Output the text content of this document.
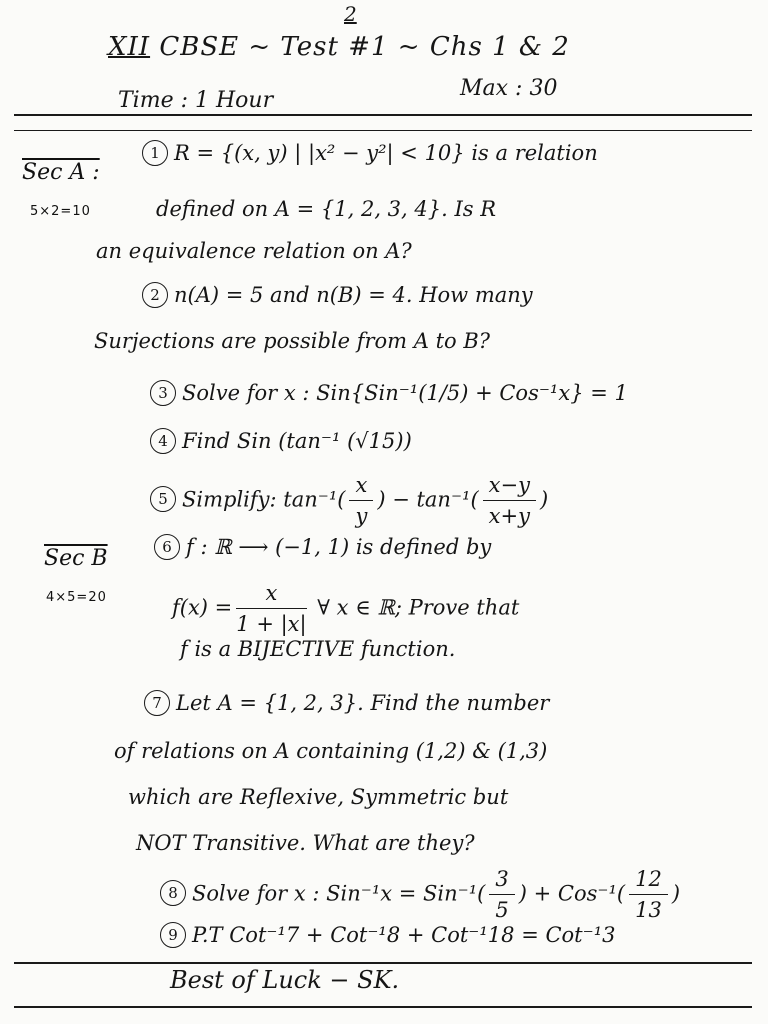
2
XII CBSE ~ Test #1 ~ Chs 1 & 2
Time : 1 Hour	Max : 30
Sec A :
5×2=10
1 R = {(x, y) | |x² − y²| < 10} is a relation
defined on A = {1, 2, 3, 4}. Is R
an equivalence relation on A?
2 n(A) = 5 and n(B) = 4. How many
Surjections are possible from A to B?
3 Solve for x : Sin{Sin⁻¹(1/5) + Cos⁻¹x} = 1
4 Find Sin (tan⁻¹ (√15))
5 Simplify: $\tan^{-1}( \frac{x}{y}$ ) − $\tan^{-1}( \frac{x-y}{x+y}$ )
Sec B
4×5=20
6 f : ℝ ⟶ (−1, 1) is defined by
$f(x) = \frac{x}{1 + |x|}$ ∀ x ∈ ℝ; Prove that
f is a BIJECTIVE function.
7 Let A = {1, 2, 3}. Find the number
of relations on A containing (1,2) & (1,3)
which are Reflexive, Symmetric but
NOT Transitive. What are they?
8 Solve for x : $Sin^{-1}x = Sin^{-1}( \frac{3}{5}$ ) + $Cos^{-1}( \frac{12}{13}$ )
9 P.T Cot⁻¹7 + Cot⁻¹8 + Cot⁻¹18 = Cot⁻¹3
Best of Luck − SK.
